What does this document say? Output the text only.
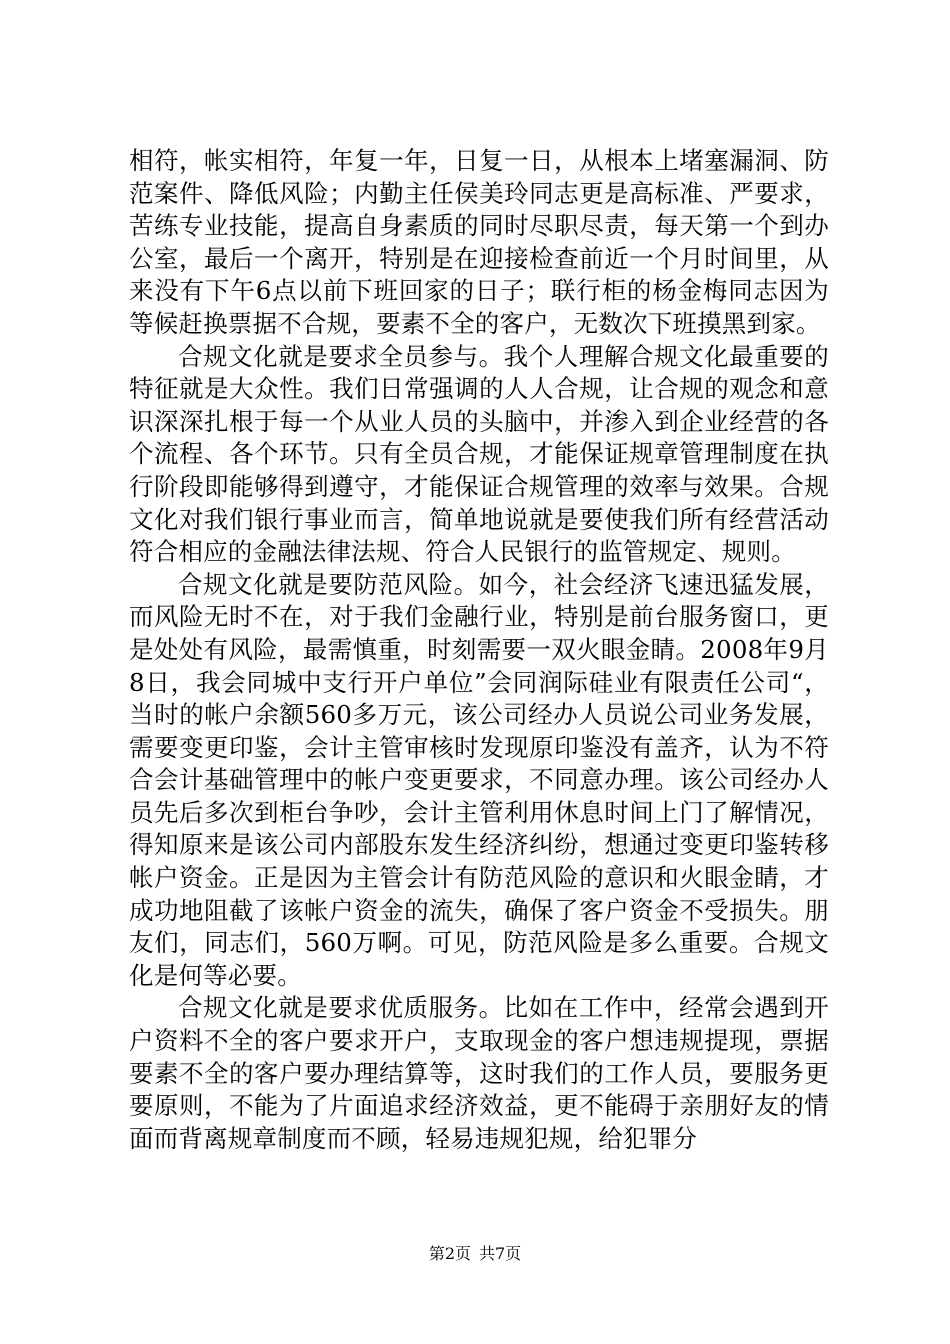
相符，帐实相符，年复一年，日复一日，从根本上堵塞漏洞、防范案件、降低风险；内勤主任侯美玲同志更是高标准、严要求，苦练专业技能，提高自身素质的同时尽职尽责，每天第一个到办公室，最后一个离开，特别是在迎接检查前近一个月时间里，从来没有下午6点以前下班回家的日子；联行柜的杨金梅同志因为等候赶换票据不合规，要素不全的客户，无数次下班摸黑到家。

合规文化就是要求全员参与。我个人理解合规文化最重要的特征就是大众性。我们日常强调的人人合规，让合规的观念和意识深深扎根于每一个从业人员的头脑中，并渗入到企业经营的各个流程、各个环节。只有全员合规，才能保证规章管理制度在执行阶段即能够得到遵守，才能保证合规管理的效率与效果。合规文化对我们银行事业而言，简单地说就是要使我们所有经营活动符合相应的金融法律法规、符合人民银行的监管规定、规则。

合规文化就是要防范风险。如今，社会经济飞速迅猛发展，而风险无时不在，对于我们金融行业，特别是前台服务窗口，更是处处有风险，最需慎重，时刻需要一双火眼金睛。2008年9月8日，我会同城中支行开户单位”会同润际硅业有限责任公司“，当时的帐户余额560多万元，该公司经办人员说公司业务发展，需要变更印鉴，会计主管审核时发现原印鉴没有盖齐，认为不符合会计基础管理中的帐户变更要求，不同意办理。该公司经办人员先后多次到柜台争吵，会计主管利用休息时间上门了解情况，得知原来是该公司内部股东发生经济纠纷，想通过变更印鉴转移帐户资金。正是因为主管会计有防范风险的意识和火眼金睛，才成功地阻截了该帐户资金的流失，确保了客户资金不受损失。朋友们，同志们，560万啊。可见，防范风险是多么重要。合规文化是何等必要。

合规文化就是要求优质服务。比如在工作中，经常会遇到开户资料不全的客户要求开户，支取现金的客户想违规提现，票据要素不全的客户要办理结算等，这时我们的工作人员，要服务更要原则，不能为了片面追求经济效益，更不能碍于亲朋好友的情面而背离规章制度而不顾，轻易违规犯规，给犯罪分

第2页 共7页
